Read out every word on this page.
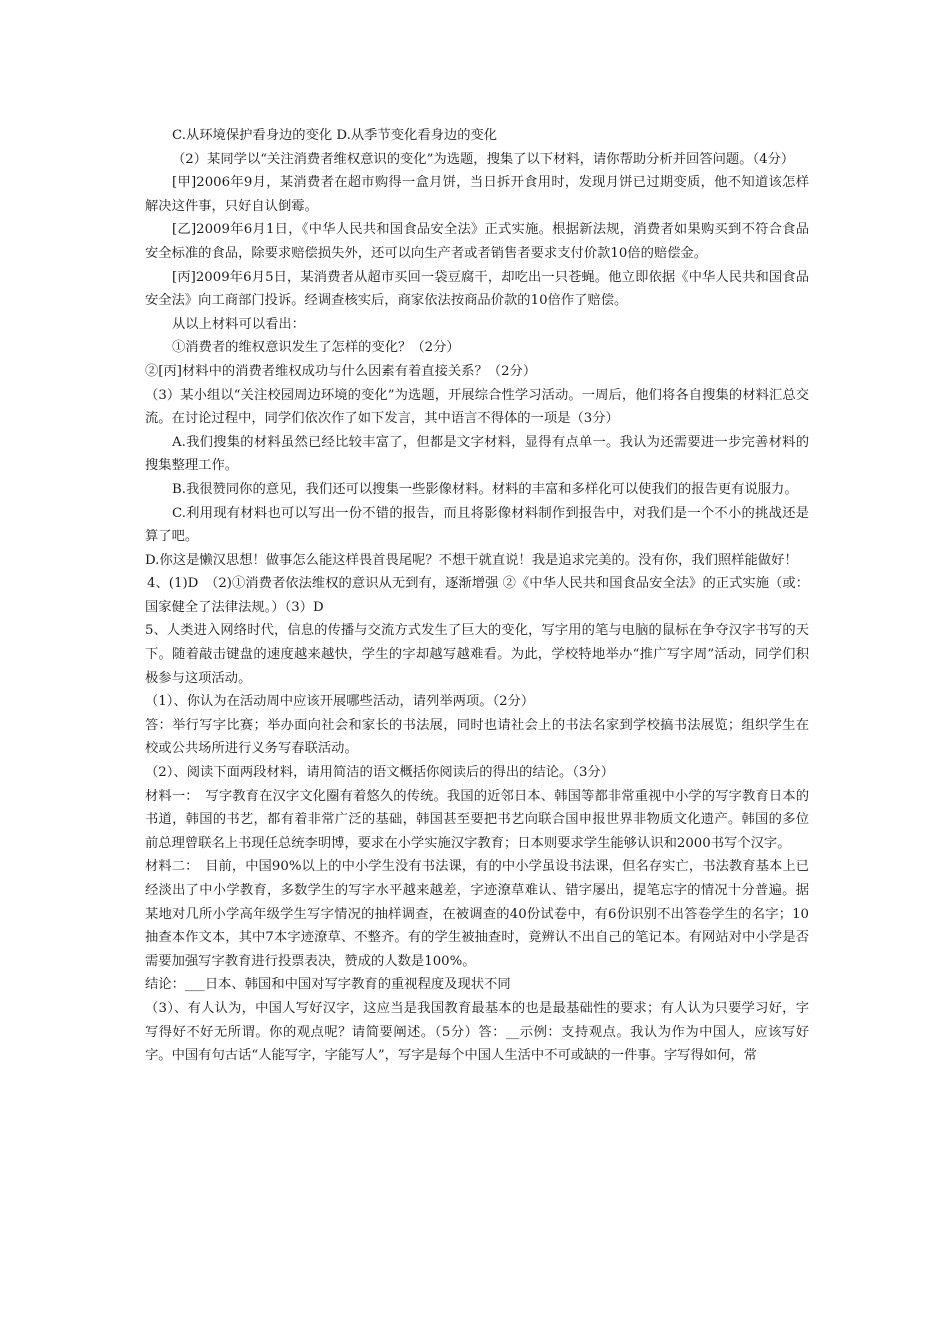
C.从环境保护看身边的变化 D.从季节变化看身边的变化

（2）某同学以“关注消费者维权意识的变化”为选题，搜集了以下材料，请你帮助分析并回答问题。（4分）

[甲]2006年9月，某消费者在超市购得一盒月饼，当日拆开食用时，发现月饼已过期变质，他不知道该怎样解决这件事，只好自认倒霉。

[乙]2009年6月1日，《中华人民共和国食品安全法》正式实施。根据新法规，消费者如果购买到不符合食品安全标准的食品，除要求赔偿损失外，还可以向生产者或者销售者要求支付价款10倍的赔偿金。

[丙]2009年6月5日，某消费者从超市买回一袋豆腐干，却吃出一只苍蝇。他立即依据《中华人民共和国食品安全法》向工商部门投诉。经调查核实后，商家依法按商品价款的10倍作了赔偿。

从以上材料可以看出：

①消费者的维权意识发生了怎样的变化？（2分）

②[丙]材料中的消费者维权成功与什么因素有着直接关系？（2分）

（3）某小组以“关注校园周边环境的变化”为选题，开展综合性学习活动。一周后，他们将各自搜集的材料汇总交流。在讨论过程中，同学们依次作了如下发言，其中语言不得体的一项是（3分）

A.我们搜集的材料虽然已经比较丰富了，但都是文字材料，显得有点单一。我认为还需要进一步完善材料的搜集整理工作。

B.我很赞同你的意见，我们还可以搜集一些影像材料。材料的丰富和多样化可以使我们的报告更有说服力。

C.利用现有材料也可以写出一份不错的报告，而且将影像材料制作到报告中，对我们是一个不小的挑战还是算了吧。

D.你这是懒汉思想！做事怎么能这样畏首畏尾呢？不想干就直说！我是追求完美的。没有你，我们照样能做好！

4、(1)D　（2)①消费者依法维权的意识从无到有，逐渐增强 ②《中华人民共和国食品安全法》的正式实施（或：国家健全了法律法规。）（3）D

5、人类进入网络时代，信息的传播与交流方式发生了巨大的变化，写字用的笔与电脑的鼠标在争夺汉字书写的天下。随着敲击键盘的速度越来越快，学生的字却越写越难看。为此，学校特地举办“推广写字周”活动，同学们积极参与这项活动。

（1）、你认为在活动周中应该开展哪些活动，请列举两项。（2分）

答：举行写字比赛；举办面向社会和家长的书法展，同时也请社会上的书法名家到学校搞书法展览；组织学生在校或公共场所进行义务写春联活动。

（2）、阅读下面两段材料，请用简洁的语文概括你阅读后的得出的结论。（3分）

材料一：　写字教育在汉字文化圈有着悠久的传统。我国的近邻日本、韩国等都非常重视中小学的写字教育日本的书道，韩国的书艺，都有着非常广泛的基础，韩国甚至要把书艺向联合国申报世界非物质文化遗产。韩国的多位前总理曾联名上书现任总统李明博，要求在小学实施汉字教育；日本则要求学生能够认识和2000书写个汉字。

材料二：　目前，中国90%以上的中小学生没有书法课，有的中小学虽设书法课，但名存实亡，书法教育基本上已经淡出了中小学教育，多数学生的写字水平越来越差，字迹潦草难认、错字屡出，提笔忘字的情况十分普遍。据某地对几所小学高年级学生写字情况的抽样调查，在被调查的40份试卷中，有6份识别不出答卷学生的名字；10抽查本作文本，其中7本字迹潦草、不整齐。有的学生被抽查时，竟辨认不出自己的笔记本。有网站对中小学是否需要加强写字教育进行投票表决，赞成的人数是100%。

结论：___日本、韩国和中国对写字教育的重视程度及现状不同

（3）、有人认为，中国人写好汉字，这应当是我国教育最基本的也是最基础性的要求；有人认为只要学习好，字写得好不好无所谓。你的观点呢？请简要阐述。（5分）答：__示例：支持观点。我认为作为中国人，应该写好字。中国有句古话“人能写字，字能写人”，写字是每个中国人生活中不可或缺的一件事。字写得如何，常
